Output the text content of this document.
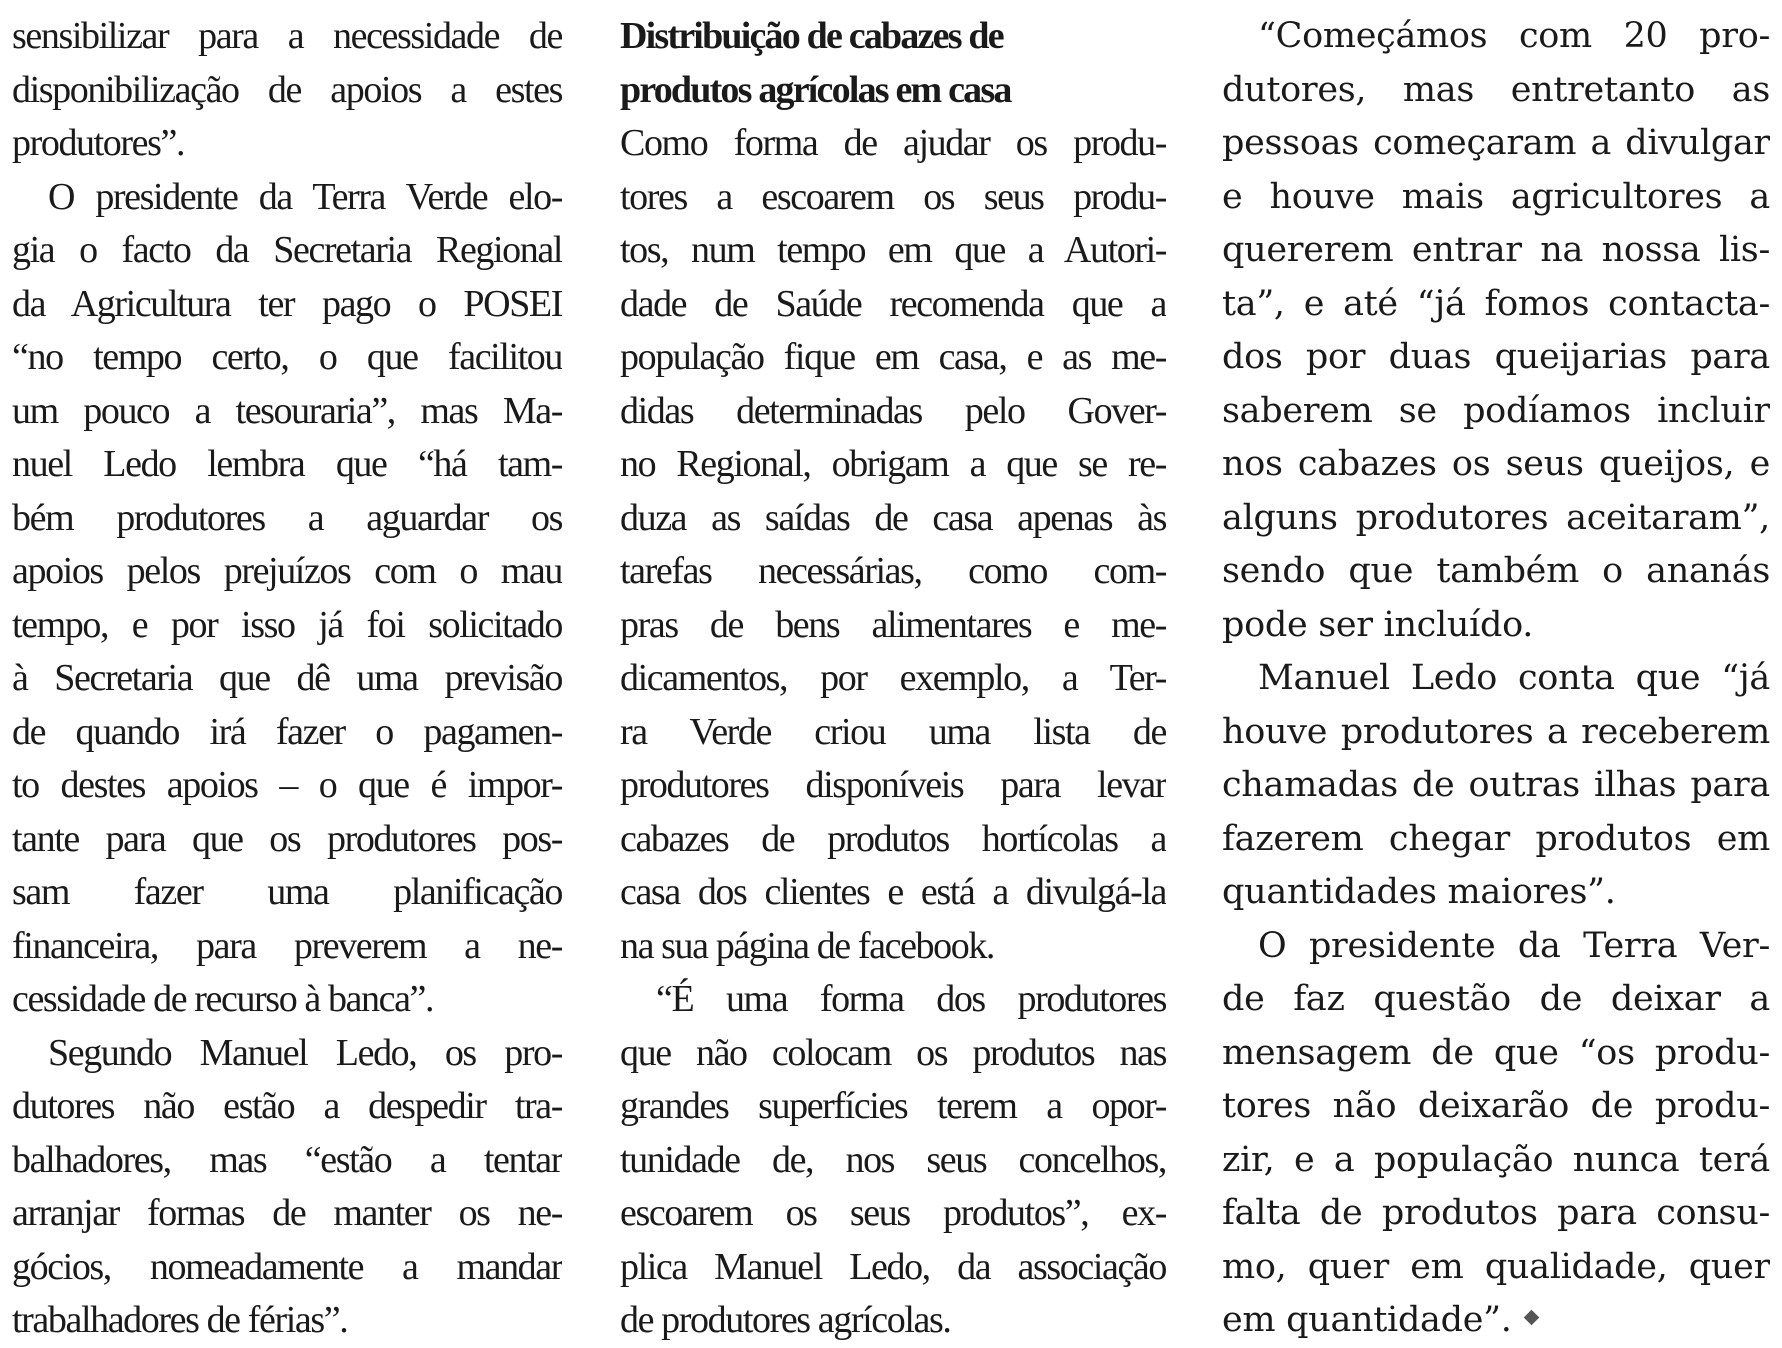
sensibilizar para a necessidade de
disponibilização de apoios a estes
produtores”.
O presidente da Terra Verde elo-
gia o facto da Secretaria Regional
da Agricultura ter pago o POSEI
“no tempo certo, o que facilitou
um pouco a tesouraria”, mas Ma-
nuel Ledo lembra que “há tam-
bém produtores a aguardar os
apoios pelos prejuízos com o mau
tempo, e por isso já foi solicitado
à Secretaria que dê uma previsão
de quando irá fazer o pagamen-
to destes apoios – o que é impor-
tante para que os produtores pos-
sam fazer uma planificação
financeira, para preverem a ne-
cessidade de recurso à banca”.
Segundo Manuel Ledo, os pro-
dutores não estão a despedir tra-
balhadores, mas “estão a tentar
arranjar formas de manter os ne-
gócios, nomeadamente a mandar
trabalhadores de férias”.
Distribuição de cabazes de
produtos agrícolas em casa
Como forma de ajudar os produ-
tores a escoarem os seus produ-
tos, num tempo em que a Autori-
dade de Saúde recomenda que a
população fique em casa, e as me-
didas determinadas pelo Gover-
no Regional, obrigam a que se re-
duza as saídas de casa apenas às
tarefas necessárias, como com-
pras de bens alimentares e me-
dicamentos, por exemplo, a Ter-
ra Verde criou uma lista de
produtores disponíveis para levar
cabazes de produtos hortícolas a
casa dos clientes e está a divulgá-la
na sua página de facebook.
“É uma forma dos produtores
que não colocam os produtos nas
grandes superfícies terem a opor-
tunidade de, nos seus concelhos,
escoarem os seus produtos”, ex-
plica Manuel Ledo, da associação
de produtores agrícolas.
“Começámos com 20 pro-
dutores, mas entretanto as
pessoas começaram a divulgar
e houve mais agricultores a
quererem entrar na nossa lis-
ta”, e até “já fomos contacta-
dos por duas queijarias para
saberem se podíamos incluir
nos cabazes os seus queijos, e
alguns produtores aceitaram”,
sendo que também o ananás
pode ser incluído.
Manuel Ledo conta que “já
houve produtores a receberem
chamadas de outras ilhas para
fazerem chegar produtos em
quantidades maiores”.
O presidente da Terra Ver-
de faz questão de deixar a
mensagem de que “os produ-
tores não deixarão de produ-
zir, e a população nunca terá
falta de produtos para consu-
mo, quer em qualidade, quer
em quantidade”.
